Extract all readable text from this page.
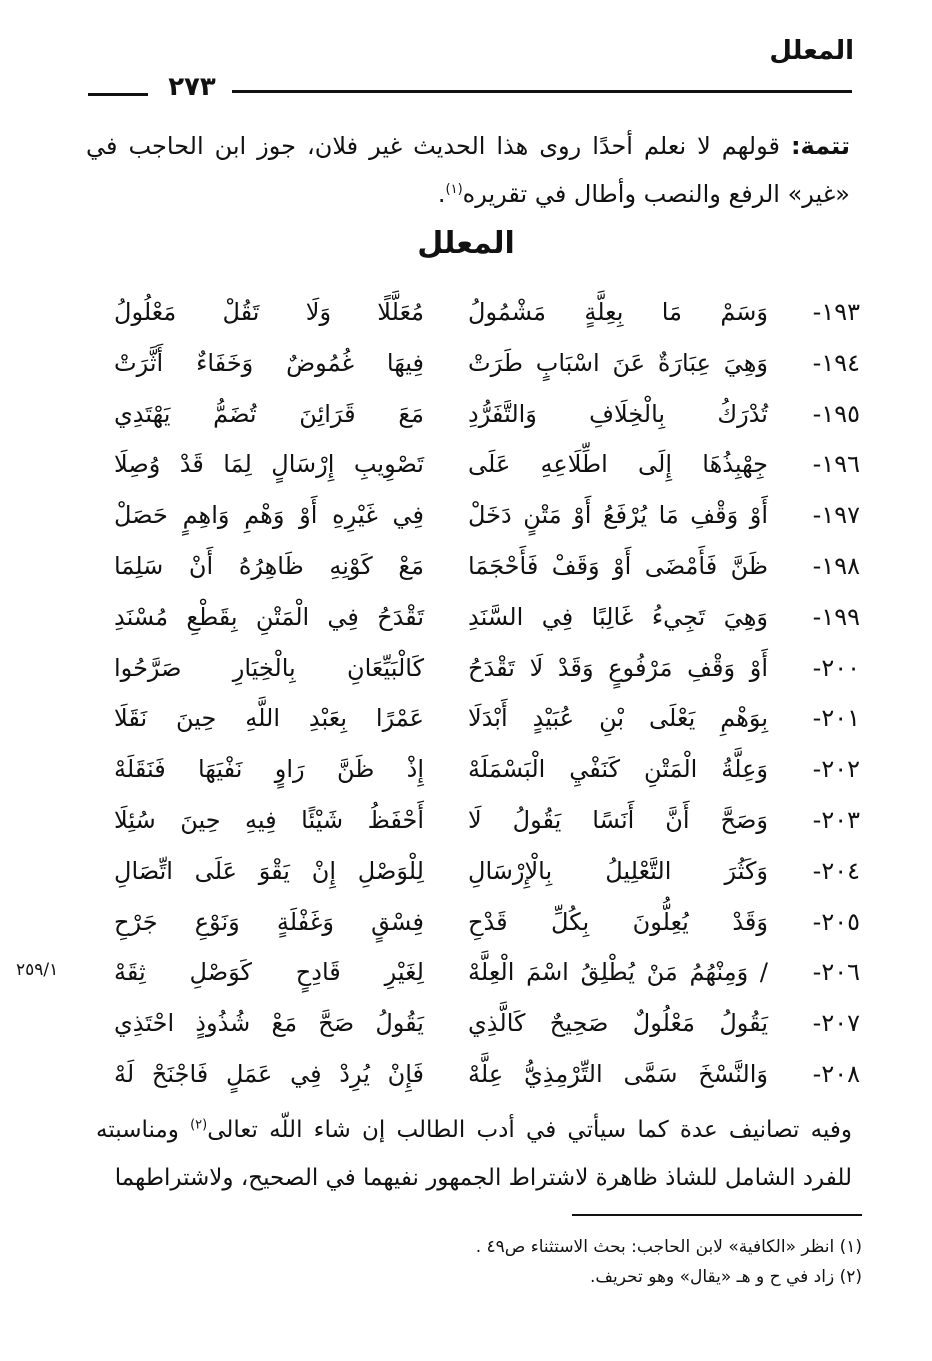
المعلل
٢٧٣
تتمة: قولهم لا نعلم أحدًا روى هذا الحديث غير فلان، جوز ابن الحاجب في «غير» الرفع والنصب وأطال في تقريره$^{(١)}$.
المعلل
١٩٣-
وَسَمْ مَا بِعِلَّةٍ مَشْمُولُ
مُعَلَّلًا وَلَا تَقُلْ مَعْلُولُ
١٩٤-
وَهِيَ عِبَارَةٌ عَنَ اسْبَابٍ طَرَتْ
فِيهَا غُمُوضٌ وَخَفَاءٌ أَثَّرَتْ
١٩٥-
تُدْرَكُ بِالْخِلَافِ وَالتَّفَرُّدِ
مَعَ قَرَائِنَ تُضَمُّ يَهْتَدِي
١٩٦-
جِهْبِذُهَا إِلَى اطِّلَاعِهِ عَلَى
تَصْوِيبِ إِرْسَالٍ لِمَا قَدْ وُصِلَا
١٩٧-
أَوْ وَقْفِ مَا يُرْفَعُ أَوْ مَتْنٍ دَخَلْ
فِي غَيْرِهِ أَوْ وَهْمِ وَاهِمٍ حَصَلْ
١٩٨-
ظَنَّ فَأَمْضَى أَوْ وَقَفْ فَأَحْجَمَا
مَعْ كَوْنِهِ ظَاهِرُهُ أَنْ سَلِمَا
١٩٩-
وَهِيَ تَجِيءُ غَالِبًا فِي السَّنَدِ
تَقْدَحُ فِي الْمَتْنِ بِقَطْعِ مُسْنَدِ
٢٠٠-
أَوْ وَقْفِ مَرْفُوعٍ وَقَدْ لَا تَقْدَحُ
كَالْبَيِّعَانِ بِالْخِيَارِ صَرَّحُوا
٢٠١-
بِوَهْمِ يَعْلَى بْنِ عُبَيْدٍ أَبْدَلَا
عَمْرًا بِعَبْدِ اللَّهِ حِينَ نَقَلَا
٢٠٢-
وَعِلَّةُ الْمَتْنِ كَنَفْيِ الْبَسْمَلَهْ
إِذْ ظَنَّ رَاوٍ نَفْيَهَا فَنَقَلَهْ
٢٠٣-
وَصَحَّ أَنَّ أَنَسًا يَقُولُ لَا
أَحْفَظُ شَيْئًا فِيهِ حِينَ سُئِلَا
٢٠٤-
وَكَثُرَ التَّعْلِيلُ بِالْإِرْسَالِ
لِلْوَصْلِ إِنْ يَقْوَ عَلَى اتِّصَالِ
٢٠٥-
وَقَدْ يُعِلُّونَ بِكُلِّ قَدْحِ
فِسْقٍ وَغَفْلَةٍ وَنَوْعِ جَرْحِ
٢٠٦-
/ وَمِنْهُمُ مَنْ يُطْلِقُ اسْمَ الْعِلَّهْ
لِغَيْرِ قَادِحٍ كَوَصْلِ ثِقَهْ
٢٠٧-
يَقُولُ مَعْلُولٌ صَحِيحٌ كَالَّذِي
يَقُولُ صَحَّ مَعْ شُذُوذٍ احْتَذِي
٢٠٨-
وَالنَّسْخَ سَمَّى التِّرْمِذِيُّ عِلَّهْ
فَإِنْ يُرِدْ فِي عَمَلٍ فَاجْنَحْ لَهْ
٢٥٩/١
وفيه تصانيف عدة كما سيأتي في أدب الطالب إن شاء اللّه تعالى$^{(٢)}$ ومناسبته للفرد الشامل للشاذ ظاهرة لاشتراط الجمهور نفيهما في الصحيح، ولاشتراطهما
(١) انظر «الكافية» لابن الحاجب: بحث الاستثناء ص٤٩ .
(٢) زاد في ح و هـ «يقال» وهو تحريف.
